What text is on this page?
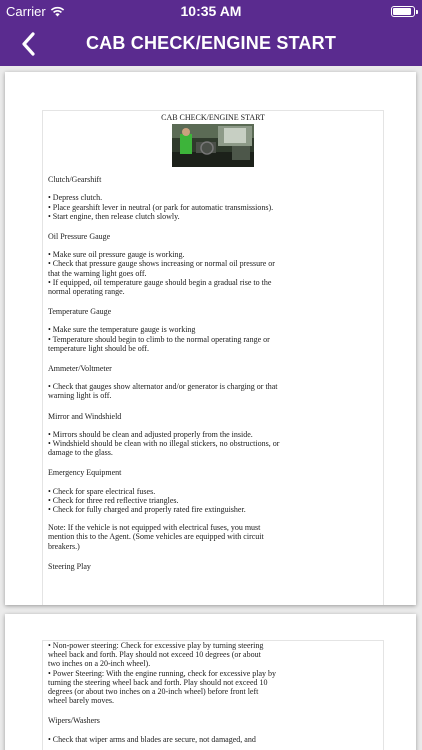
Carrier	10:35 AM
CAB CHECK/ENGINE START
CAB CHECK/ENGINE START
Clutch/Gearshift

• Depress clutch.

• Place gearshift lever in neutral (or park for automatic transmissions).

• Start engine, then release clutch slowly.

Oil Pressure Gauge

• Make sure oil pressure gauge is working.

• Check that pressure gauge shows increasing or normal oil pressure or

that the warning light goes off.

• If equipped, oil temperature gauge should begin a gradual rise to the

normal operating range.

Temperature Gauge

• Make sure the temperature gauge is working

• Temperature should begin to climb to the normal operating range or

temperature light should be off.

Ammeter/Voltmeter

• Check that gauges show alternator and/or generator is charging or that

warning light is off.

Mirror and Windshield

• Mirrors should be clean and adjusted properly from the inside.

• Windshield should be clean with no illegal stickers, no obstructions, or

damage to the glass.

Emergency Equipment

• Check for spare electrical fuses.

• Check for three red reflective triangles.

• Check for fully charged and properly rated fire extinguisher.

Note: If the vehicle is not equipped with electrical fuses, you must

mention this to the Agent. (Some vehicles are equipped with circuit

breakers.)

Steering Play

• Non-power steering: Check for excessive play by turning steering

wheel back and forth. Play should not exceed 10 degrees (or about

two inches on a 20-inch wheel).

• Power Steering: With the engine running, check for excessive play by

turning the steering wheel back and forth. Play should not exceed 10

degrees (or about two inches on a 20-inch wheel) before front left

wheel barely moves.

Wipers/Washers

• Check that wiper arms and blades are secure, not damaged, and
